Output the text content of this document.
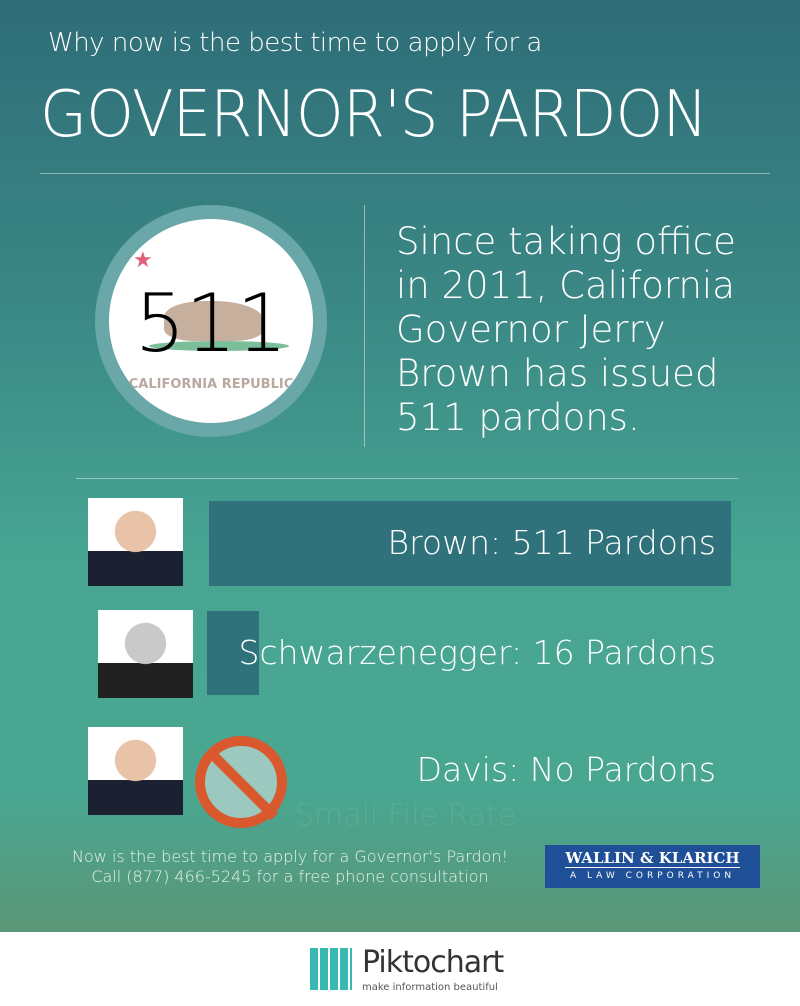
Why now is the best time to apply for a
GOVERNOR'S PARDON
★
511
CALIFORNIA REPUBLIC
Since taking office in 2011, California Governor Jerry Brown has issued 511 pardons.
Brown: 511 Pardons
Schwarzenegger: 16 Pardons
Davis: No Pardons
Small File Rate
Now is the best time to apply for a Governor's Pardon!
Call (877) 466-5245 for a free phone consultation
WALLIN & KLARICH
A LAW CORPORATION
Piktochart
make information beautiful
